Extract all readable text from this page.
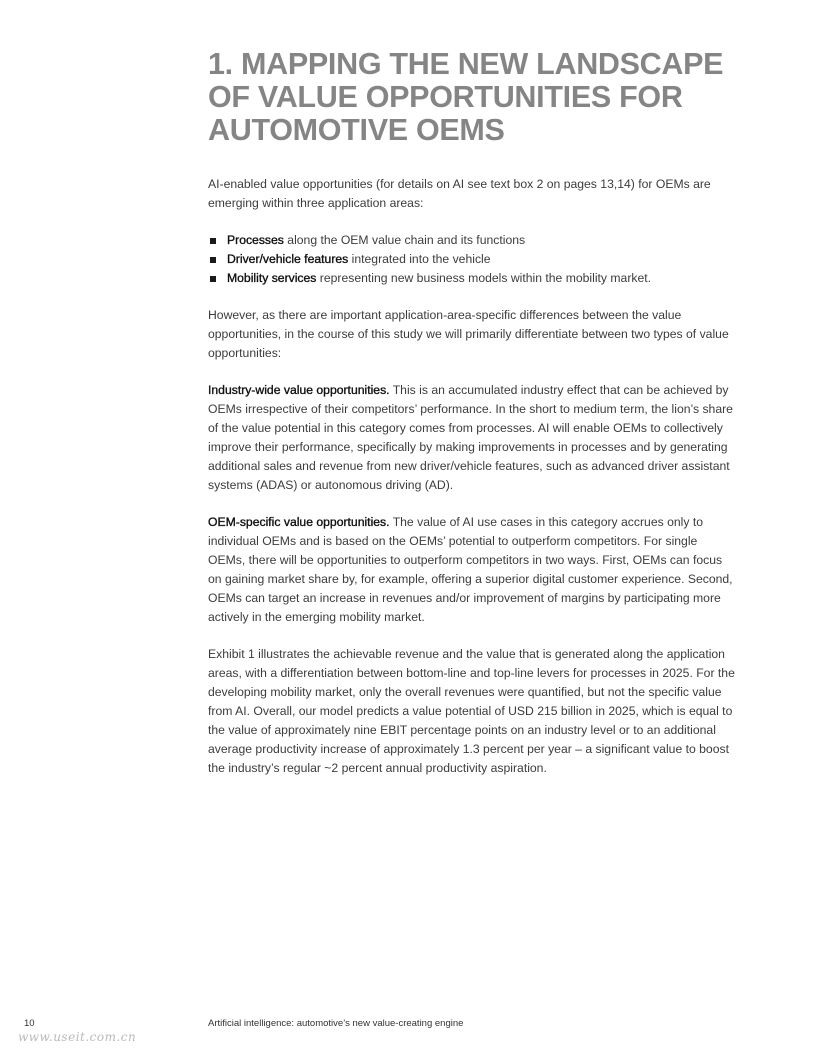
1. MAPPING THE NEW LANDSCAPE
OF VALUE OPPORTUNITIES FOR
AUTOMOTIVE OEMS

AI-enabled value opportunities (for details on AI see text box 2 on pages 13,14) for OEMs are emerging within three application areas:

Processes along the OEM value chain and its functions
Driver/vehicle features integrated into the vehicle
Mobility services representing new business models within the mobility market.

However, as there are important application-area-specific differences between the value opportunities, in the course of this study we will primarily differentiate between two types of value opportunities:

Industry-wide value opportunities. This is an accumulated industry effect that can be achieved by OEMs irrespective of their competitors’ performance. In the short to medium term, the lion’s share of the value potential in this category comes from processes. AI will enable OEMs to collectively improve their performance, specifically by making improvements in processes and by generating additional sales and revenue from new driver/vehicle features, such as advanced driver assistant systems (ADAS) or autonomous driving (AD).

OEM-specific value opportunities. The value of AI use cases in this category accrues only to individual OEMs and is based on the OEMs’ potential to outperform competitors. For single OEMs, there will be opportunities to outperform competitors in two ways. First, OEMs can focus on gaining market share by, for example, offering a superior digital customer experience. Second, OEMs can target an increase in revenues and/or improvement of margins by participating more actively in the emerging mobility market.

Exhibit 1 illustrates the achievable revenue and the value that is generated along the application areas, with a differentiation between bottom-line and top-line levers for processes in 2025. For the developing mobility market, only the overall revenues were quantified, but not the specific value from AI. Overall, our model predicts a value potential of USD 215 billion in 2025, which is equal to the value of approximately nine EBIT percentage points on an industry level or to an additional average productivity increase of approximately 1.3 percent per year – a significant value to boost the industry’s regular ~2 percent annual productivity aspiration.

10	Artificial intelligence: automotive’s new value-creating engine
www.useit.com.cn
